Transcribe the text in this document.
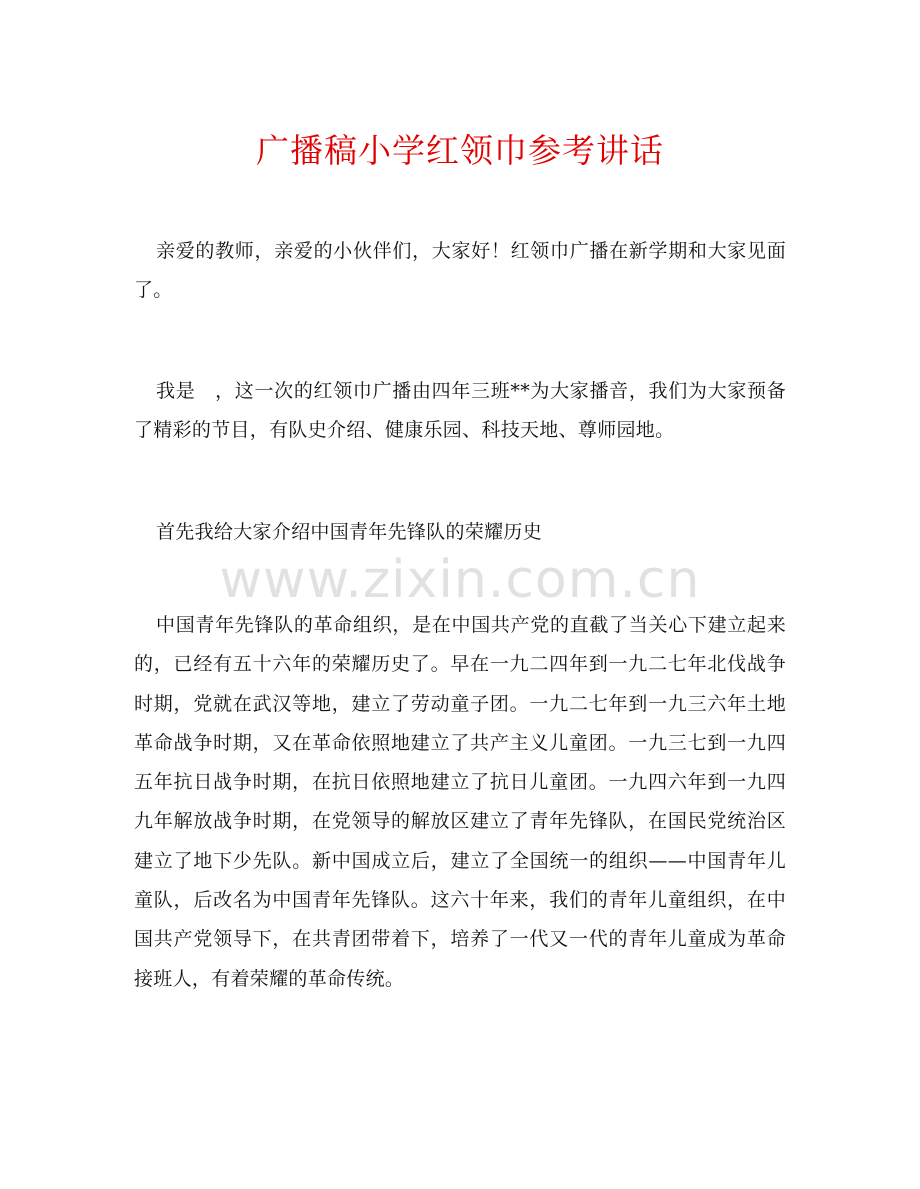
广播稿小学红领巾参考讲话

亲爱的教师，亲爱的小伙伴们，大家好！红领巾广播在新学期和大家见面了。

我是　，这一次的红领巾广播由四年三班**为大家播音，我们为大家预备了精彩的节目，有队史介绍、健康乐园、科技天地、尊师园地。

首先我给大家介绍中国青年先锋队的荣耀历史

中国青年先锋队的革命组织，是在中国共产党的直截了当关心下建立起来的，已经有五十六年的荣耀历史了。早在一九二四年到一九二七年北伐战争时期，党就在武汉等地，建立了劳动童子团。一九二七年到一九三六年土地革命战争时期，又在革命依照地建立了共产主义儿童团。一九三七到一九四五年抗日战争时期，在抗日依照地建立了抗日儿童团。一九四六年到一九四九年解放战争时期，在党领导的解放区建立了青年先锋队，在国民党统治区建立了地下少先队。新中国成立后，建立了全国统一的组织——中国青年儿童队，后改名为中国青年先锋队。这六十年来，我们的青年儿童组织，在中国共产党领导下，在共青团带着下，培养了一代又一代的青年儿童成为革命接班人，有着荣耀的革命传统。

www.zixin.com.cn
